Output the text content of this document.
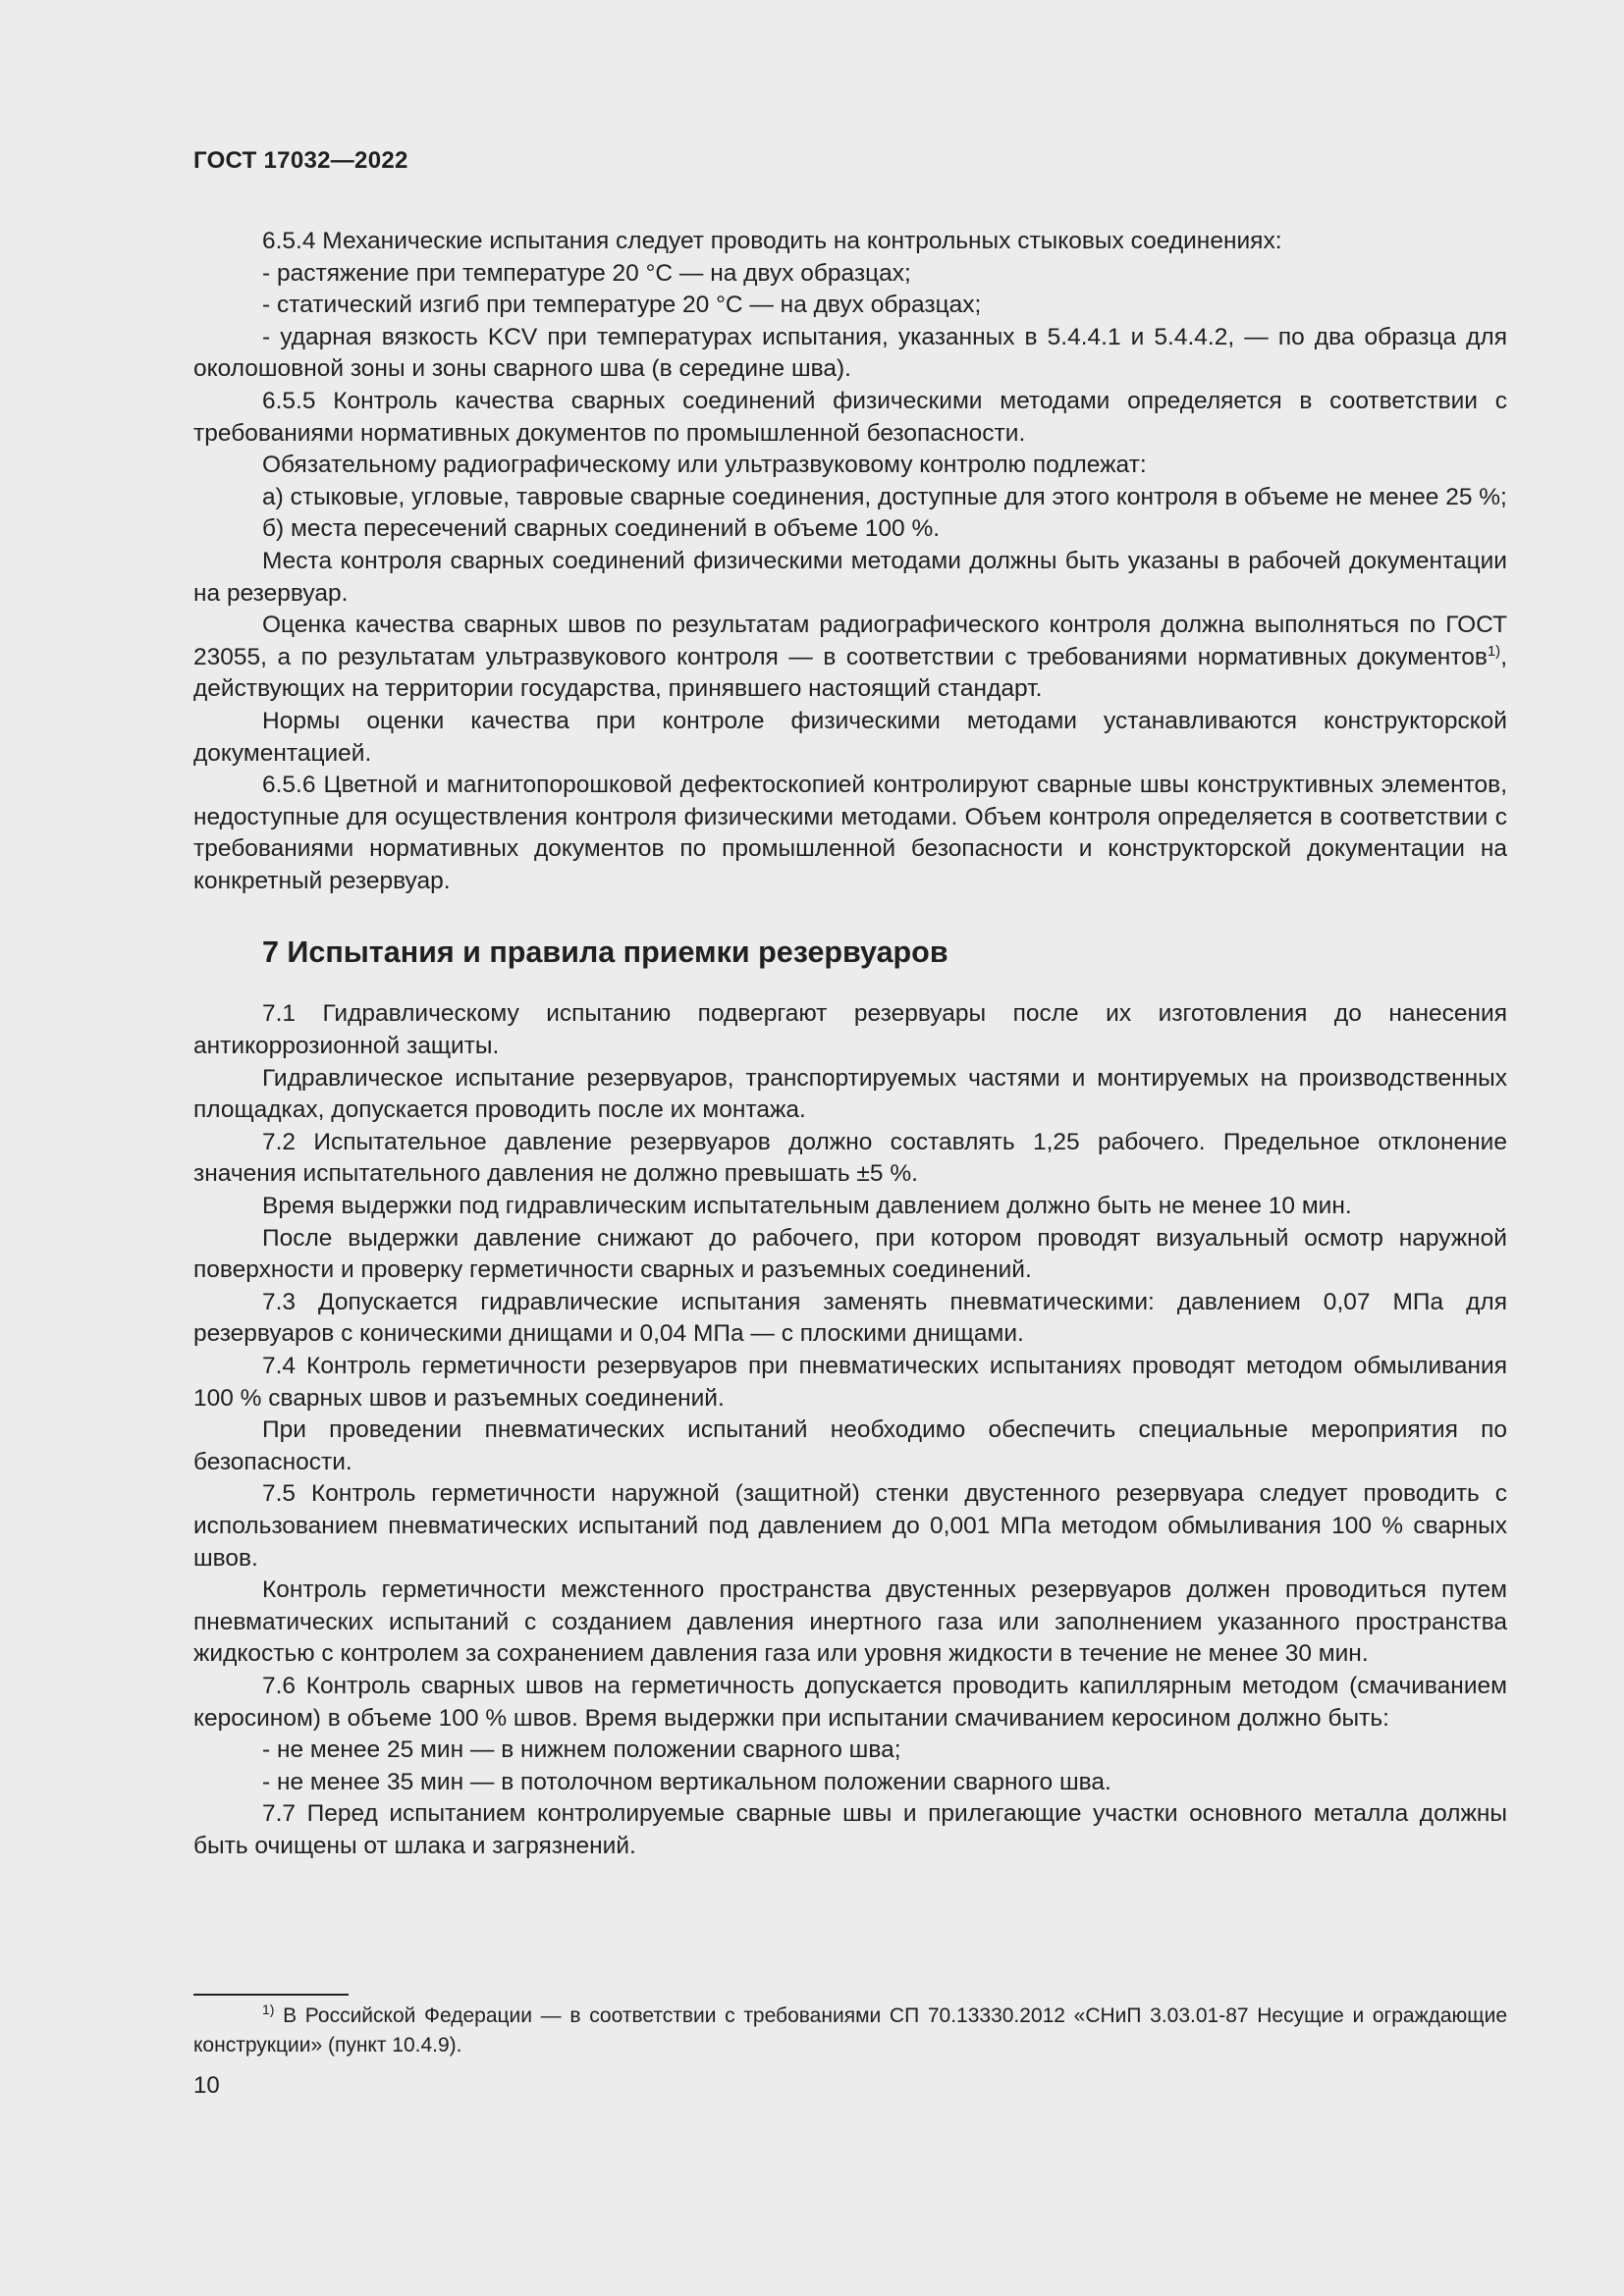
ГОСТ 17032—2022

6.5.4 Механические испытания следует проводить на контрольных стыковых соединениях:

- растяжение при температуре 20 °С — на двух образцах;

- статический изгиб при температуре 20 °С — на двух образцах;

- ударная вязкость KCV при температурах испытания, указанных в 5.4.4.1 и 5.4.4.2, — по два образца для околошовной зоны и зоны сварного шва (в середине шва).

6.5.5 Контроль качества сварных соединений физическими методами определяется в соответствии с требованиями нормативных документов по промышленной безопасности.

Обязательному радиографическому или ультразвуковому контролю подлежат:

а) стыковые, угловые, тавровые сварные соединения, доступные для этого контроля в объеме не менее 25 %;

б) места пересечений сварных соединений в объеме 100 %.

Места контроля сварных соединений физическими методами должны быть указаны в рабочей документации на резервуар.

Оценка качества сварных швов по результатам радиографического контроля должна выполняться по ГОСТ 23055, а по результатам ультразвукового контроля — в соответствии с требованиями нормативных документов$^{1)}$, действующих на территории государства, принявшего настоящий стандарт.

Нормы оценки качества при контроле физическими методами устанавливаются конструкторской документацией.

6.5.6 Цветной и магнитопорошковой дефектоскопией контролируют сварные швы конструктивных элементов, недоступные для осуществления контроля физическими методами. Объем контроля определяется в соответствии с требованиями нормативных документов по промышленной безопасности и конструкторской документации на конкретный резервуар.

7 Испытания и правила приемки резервуаров

7.1 Гидравлическому испытанию подвергают резервуары после их изготовления до нанесения антикоррозионной защиты.

Гидравлическое испытание резервуаров, транспортируемых частями и монтируемых на производственных площадках, допускается проводить после их монтажа.

7.2 Испытательное давление резервуаров должно составлять 1,25 рабочего. Предельное отклонение значения испытательного давления не должно превышать ±5 %.

Время выдержки под гидравлическим испытательным давлением должно быть не менее 10 мин.

После выдержки давление снижают до рабочего, при котором проводят визуальный осмотр наружной поверхности и проверку герметичности сварных и разъемных соединений.

7.3 Допускается гидравлические испытания заменять пневматическими: давлением 0,07 МПа для резервуаров с коническими днищами и 0,04 МПа — с плоскими днищами.

7.4 Контроль герметичности резервуаров при пневматических испытаниях проводят методом обмыливания 100 % сварных швов и разъемных соединений.

При проведении пневматических испытаний необходимо обеспечить специальные мероприятия по безопасности.

7.5 Контроль герметичности наружной (защитной) стенки двустенного резервуара следует проводить с использованием пневматических испытаний под давлением до 0,001 МПа методом обмыливания 100 % сварных швов.

Контроль герметичности межстенного пространства двустенных резервуаров должен проводиться путем пневматических испытаний с созданием давления инертного газа или заполнением указанного пространства жидкостью с контролем за сохранением давления газа или уровня жидкости в течение не менее 30 мин.

7.6 Контроль сварных швов на герметичность допускается проводить капиллярным методом (смачиванием керосином) в объеме 100 % швов. Время выдержки при испытании смачиванием керосином должно быть:

- не менее 25 мин — в нижнем положении сварного шва;

- не менее 35 мин — в потолочном вертикальном положении сварного шва.

7.7 Перед испытанием контролируемые сварные швы и прилегающие участки основного металла должны быть очищены от шлака и загрязнений.

$^{1)}$ В Российской Федерации — в соответствии с требованиями СП 70.13330.2012 «СНиП 3.03.01-87 Несущие и ограждающие конструкции» (пункт 10.4.9).

10
